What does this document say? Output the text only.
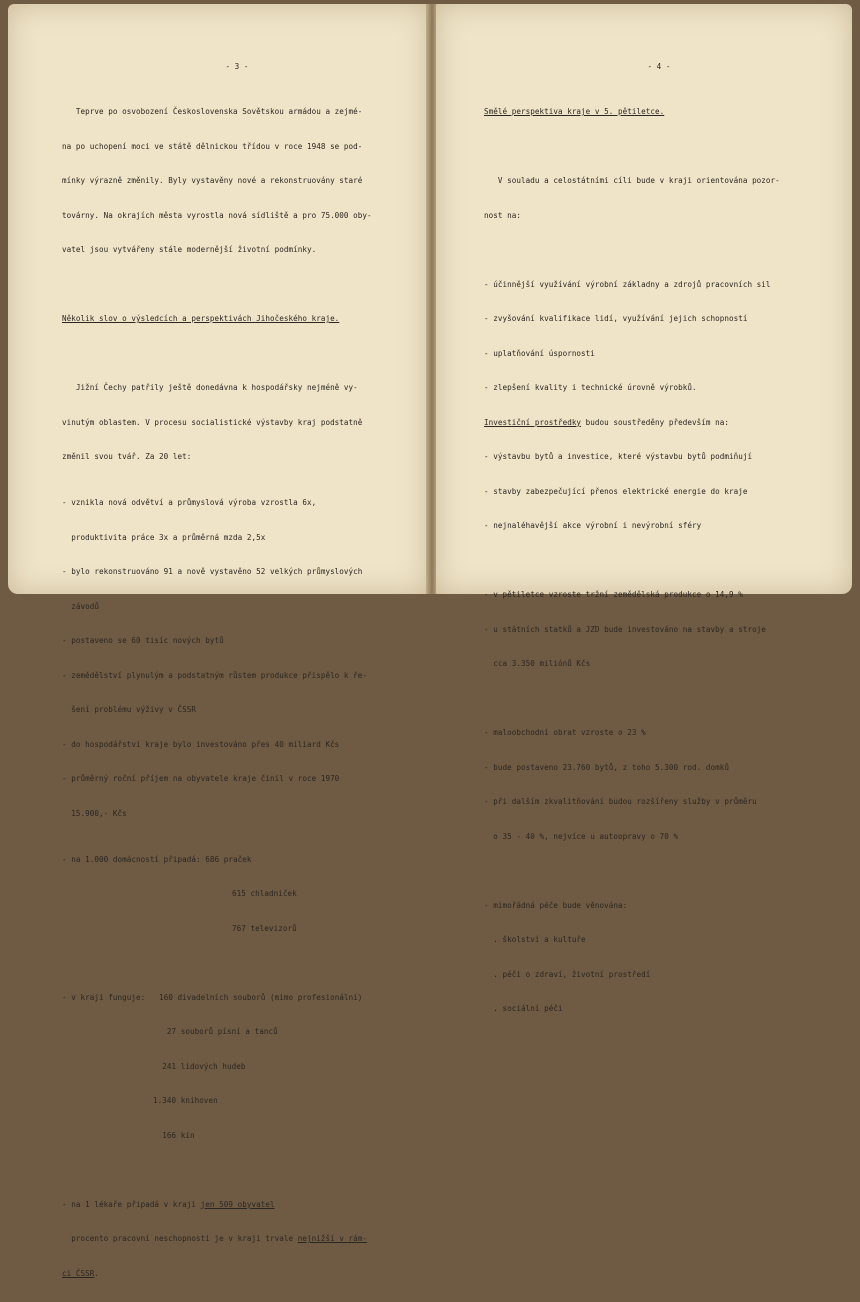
- 3 -

Teprve po osvobození Československa Sovětskou armádou a zejmé-

na po uchopení moci ve státě dělnickou třídou v roce 1948 se pod-

mínky výrazně změnily. Byly vystavěny nové a rekonstruovány staré

továrny. Na okrajích města vyrostla nová sídliště a pro 75.000 oby-

vatel jsou vytvářeny stále modernější životní podmínky.

Několik slov o výsledcích a perspektivách Jihočeského kraje.

Jižní Čechy patřily ještě donedávna k hospodářsky nejméně vy-

vinutým oblastem. V procesu socialistické výstavby kraj podstatně

změnil svou tvář. Za 20 let:

- vznikla nová odvětví a průmyslová výroba vzrostla 6x,

produktivita práce 3x a průměrná mzda 2,5x

- bylo rekonstruováno 91 a nově vystavěno 52 velkých průmyslových

závodů

- postaveno se 60 tisíc nových bytů

- zemědělství plynulým a podstatným růstem produkce přispělo k ře-

šení problému výživy v ČSSR

- do hospodářství kraje bylo investováno přes 40 miliard Kčs

- průměrný roční příjem na obyvatele kraje činil v roce 1970

15.900,- Kčs

- na 1.000 domácností připadá: 686 praček

615 chladniček

767 televizorů

- v kraji funguje:   160 divadelních souborů (mimo profesionální)

27 souborů písní a tanců

241 lidových hudeb

1.340 knihoven

166 kin

- na 1 lékaře připadá v kraji jen 509 obyvatel

procento pracovní neschopnosti je v kraji trvale nejnižší v rám-

ci ČSSR.

- 4 -

Smělé perspektiva kraje v 5. pětiletce.

V souladu a celostátními cíli bude v kraji orientována pozor-

nost na:

- účinnější využívání výrobní základny a zdrojů pracovních sil

- zvyšování kvalifikace lidí, využívání jejich schopností

- uplatňování úspornosti

- zlepšení kvality i technické úrovně výrobků.

Investiční prostředky budou soustředěny především na:

- výstavbu bytů a investice, které výstavbu bytů podmiňují

- stavby zabezpečující přenos elektrické energie do kraje

- nejnaléhavější akce výrobní i nevýrobní sféry

- v pětiletce vzroste tržní zemědělská produkce o 14,9 %

- u státních statků a JZD bude investováno na stavby a stroje

cca 3.350 miliónů Kčs

- maloobchodní obrat vzroste o 23 %

- bude postaveno 23.760 bytů, z toho 5.300 rod. domků

- při dalším zkvalitňování budou rozšířeny služby v průměru

o 35 - 40 %, nejvíce u autoopravy o 70 %

- mimořádná péče bude věnována:

. školství a kultuře

. péči o zdraví, životní prostředí

. sociální péči
